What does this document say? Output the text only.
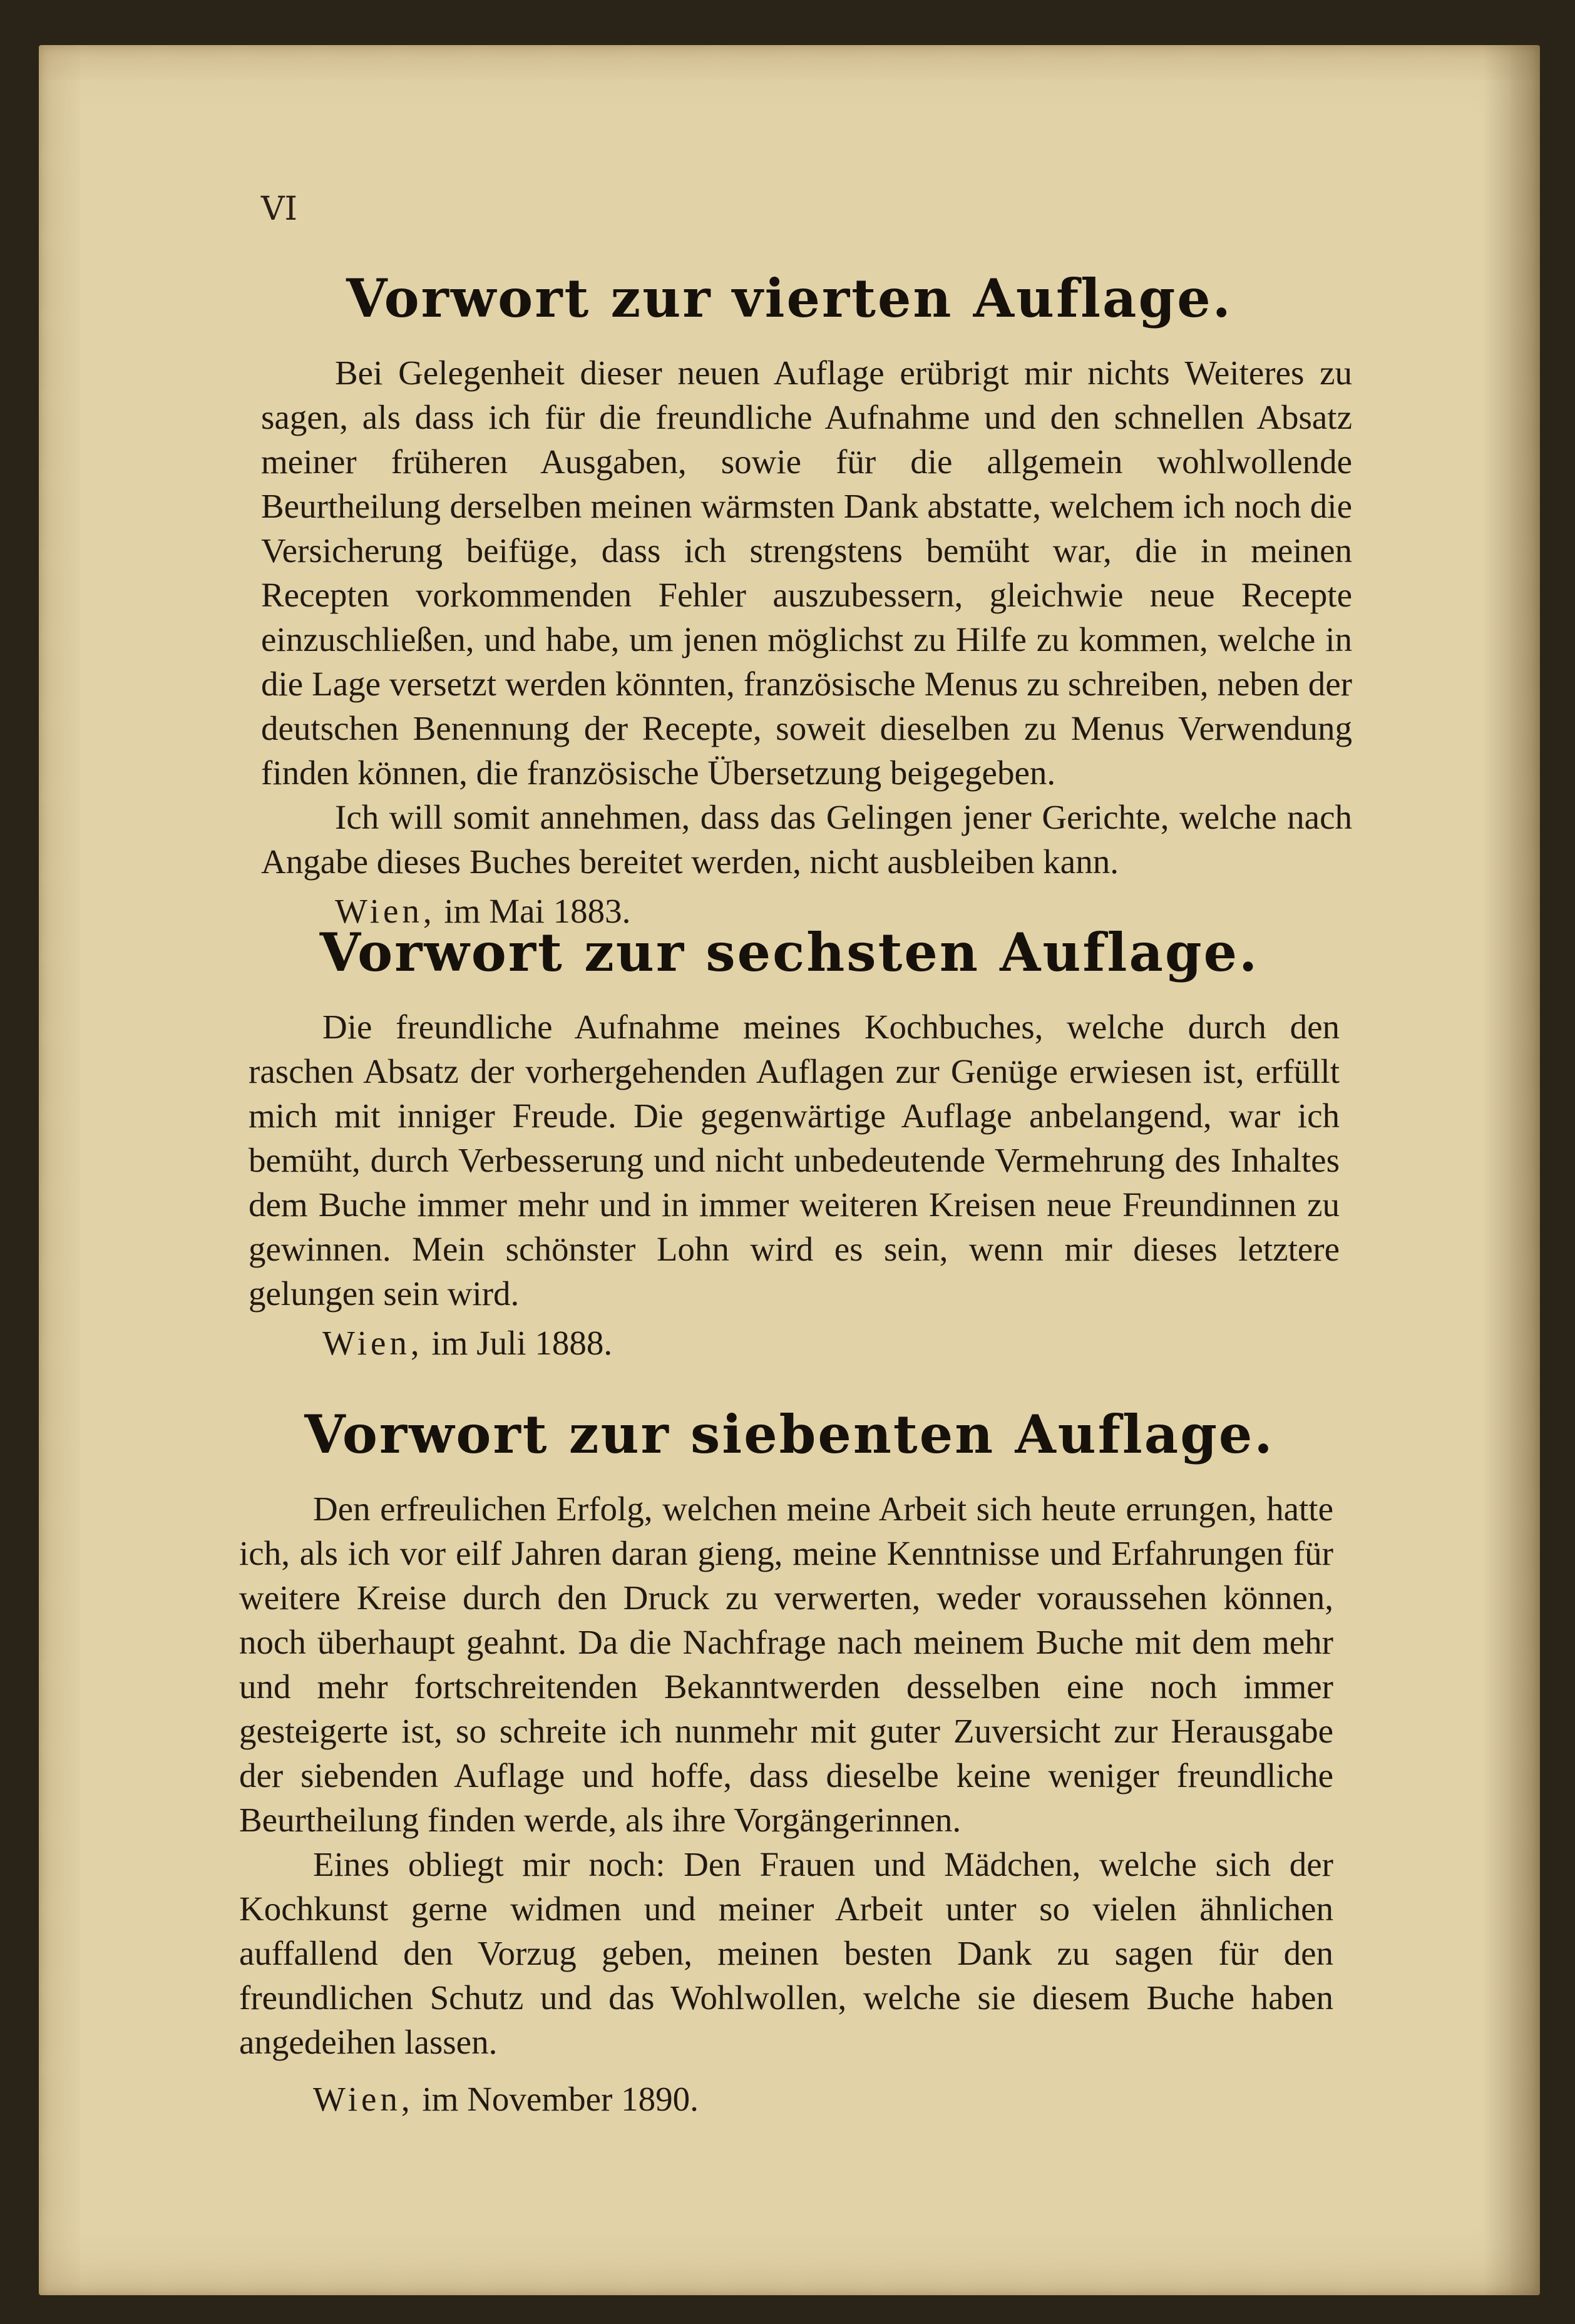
VI
Vorwort zur vierten Auflage.

Bei Gelegenheit dieser neuen Auflage erübrigt mir nichts Weiteres zu sagen, als dass ich für die freundliche Aufnahme und den schnellen Absatz meiner früheren Ausgaben, sowie für die allgemein wohlwollende Beurtheilung derselben meinen wärmsten Dank abstatte, welchem ich noch die Versicherung beifüge, dass ich strengstens bemüht war, die in meinen Recepten vorkommenden Fehler auszubessern, gleichwie neue Recepte einzuschließen, und habe, um jenen möglichst zu Hilfe zu kommen, welche in die Lage versetzt werden könnten, französische Menus zu schreiben, neben der deutschen Benennung der Recepte, soweit dieselben zu Menus Verwendung finden können, die französische Übersetzung beigegeben.

Ich will somit annehmen, dass das Gelingen jener Gerichte, welche nach Angabe dieses Buches bereitet werden, nicht ausbleiben kann.

Wien, im Mai 1883.

Vorwort zur sechsten Auflage.

Die freundliche Aufnahme meines Kochbuches, welche durch den raschen Absatz der vorhergehenden Auflagen zur Genüge erwiesen ist, erfüllt mich mit inniger Freude. Die gegenwärtige Auflage anbelangend, war ich bemüht, durch Verbesserung und nicht unbedeutende Vermehrung des Inhaltes dem Buche immer mehr und in immer weiteren Kreisen neue Freundinnen zu gewinnen. Mein schönster Lohn wird es sein, wenn mir dieses letztere gelungen sein wird.

Wien, im Juli 1888.

Vorwort zur siebenten Auflage.

Den erfreulichen Erfolg, welchen meine Arbeit sich heute errungen, hatte ich, als ich vor eilf Jahren daran gieng, meine Kenntnisse und Erfahrungen für weitere Kreise durch den Druck zu verwerten, weder voraussehen können, noch überhaupt geahnt. Da die Nachfrage nach meinem Buche mit dem mehr und mehr fortschreitenden Bekanntwerden desselben eine noch immer gesteigerte ist, so schreite ich nunmehr mit guter Zuversicht zur Herausgabe der siebenden Auflage und hoffe, dass dieselbe keine weniger freundliche Beurtheilung finden werde, als ihre Vorgängerinnen.

Eines obliegt mir noch: Den Frauen und Mädchen, welche sich der Kochkunst gerne widmen und meiner Arbeit unter so vielen ähnlichen auffallend den Vorzug geben, meinen besten Dank zu sagen für den freundlichen Schutz und das Wohlwollen, welche sie diesem Buche haben angedeihen lassen.

Wien, im November 1890.
